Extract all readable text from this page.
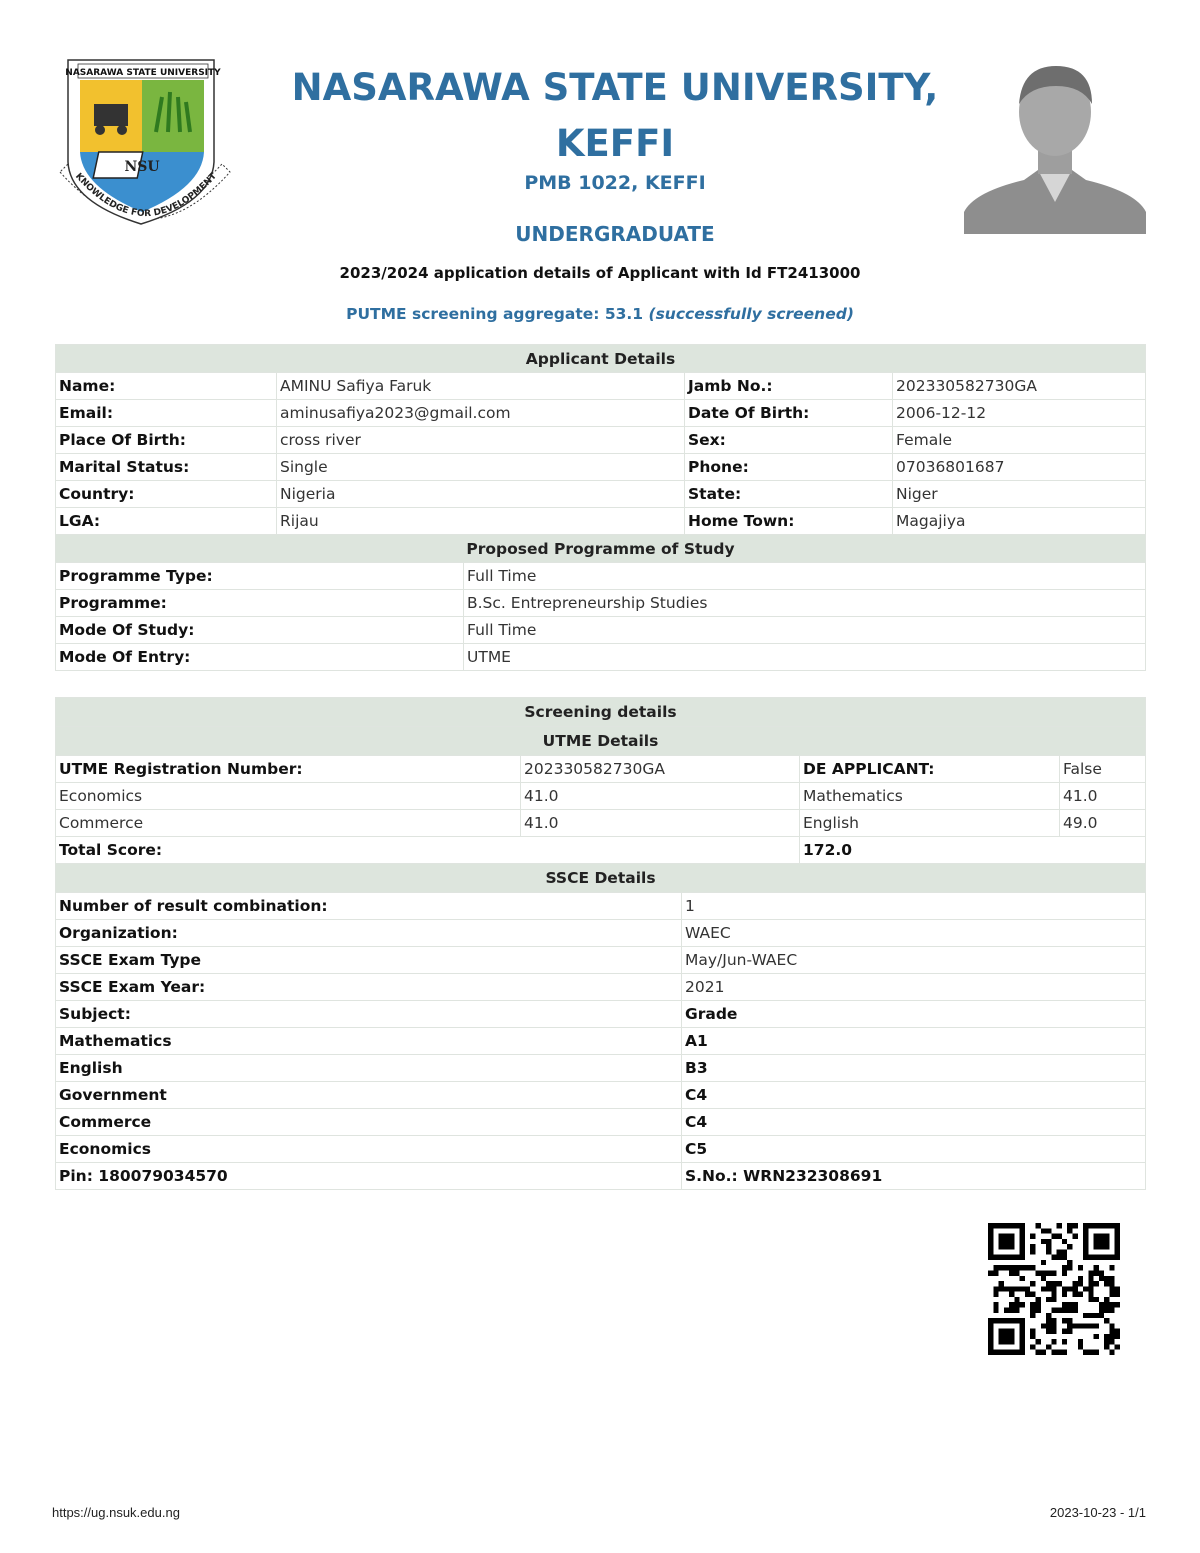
NASARAWA STATE UNIVERSITY
NSU
KNOWLEDGE FOR DEVELOPMENT
NASARAWA STATE UNIVERSITY,
KEFFI
PMB 1022, KEFFI
UNDERGRADUATE
2023/2024 application details of Applicant with Id FT2413000
PUTME screening aggregate: 53.1 (successfully screened)
Applicant Details				
Name:	AMINU Safiya Faruk		Jamb No.:	202330582730GA
Email:	aminusafiya2023@gmail.com		Date Of Birth:	2006-12-12
Place Of Birth:	cross river		Sex:	Female
Marital Status:	Single		Phone:	07036801687
Country:	Nigeria		State:	Niger
LGA:	Rijau		Home Town:	Magajiya
Proposed Programme of Study				
Programme Type:		Full Time		
Programme:		B.Sc. Entrepreneurship Studies		
Mode Of Study:		Full Time		
Mode Of Entry:		UTME		
Screening details				
UTME Details				
UTME Registration Number:	202330582730GA		DE APPLICANT:	False
Economics	41.0		Mathematics	41.0
Commerce	41.0		English	49.0
Total Score:			172.0	
SSCE Details				
Number of result combination:		1		
Organization:		WAEC		
SSCE Exam Type		May/Jun-WAEC		
SSCE Exam Year:		2021		
Subject:		Grade		
Mathematics		A1		
English		B3		
Government		C4		
Commerce		C4		
Economics		C5		
Pin: 180079034570		S.No.: WRN232308691		
https://ug.nsuk.edu.ng	2023-10-23 - 1/1
